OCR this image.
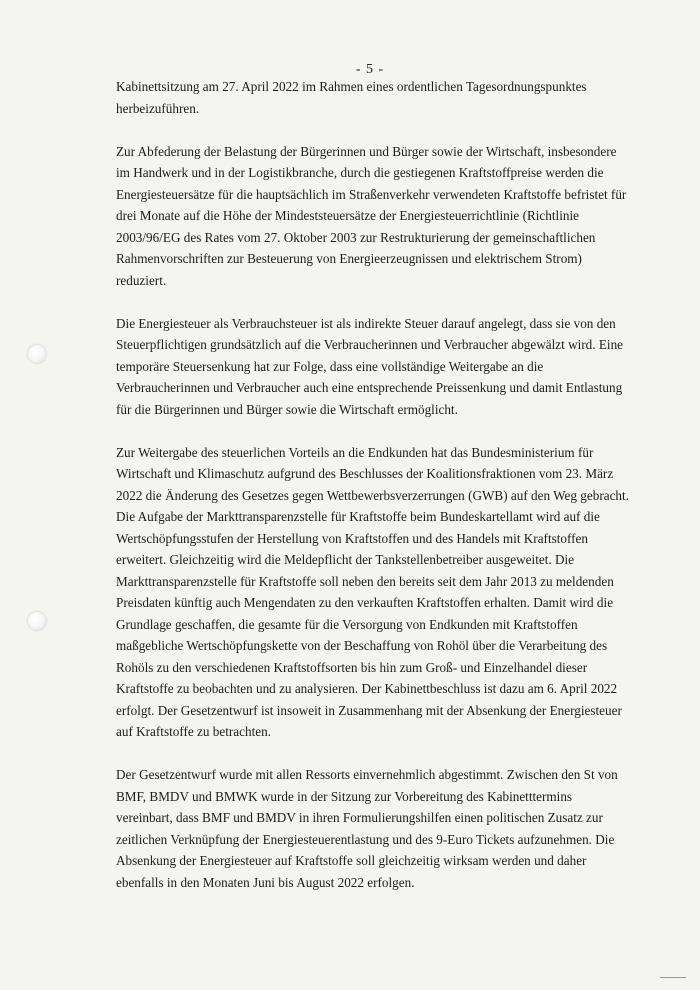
- 5 -

Kabinettsitzung am 27. April 2022 im Rahmen eines ordentlichen Tagesordnungspunktes herbeizuführen.

Zur Abfederung der Belastung der Bürgerinnen und Bürger sowie der Wirtschaft, insbesondere im Handwerk und in der Logistikbranche, durch die gestiegenen Kraftstoffpreise werden die Energiesteuersätze für die hauptsächlich im Straßenverkehr verwendeten Kraftstoffe befristet für drei Monate auf die Höhe der Mindeststeuersätze der Energiesteuerrichtlinie (Richtlinie 2003/96/EG des Rates vom 27. Oktober 2003 zur Restrukturierung der gemeinschaftlichen Rahmenvorschriften zur Besteuerung von Energieerzeugnissen und elektrischem Strom) reduziert.

Die Energiesteuer als Verbrauchsteuer ist als indirekte Steuer darauf angelegt, dass sie von den Steuerpflichtigen grundsätzlich auf die Verbraucherinnen und Verbraucher abgewälzt wird. Eine temporäre Steuersenkung hat zur Folge, dass eine vollständige Weitergabe an die Verbraucherinnen und Verbraucher auch eine entsprechende Preissenkung und damit Entlastung für die Bürgerinnen und Bürger sowie die Wirtschaft ermöglicht.

Zur Weitergabe des steuerlichen Vorteils an die Endkunden hat das Bundesministerium für Wirtschaft und Klimaschutz aufgrund des Beschlusses der Koalitionsfraktionen vom 23. März 2022 die Änderung des Gesetzes gegen Wettbewerbsverzerrungen (GWB) auf den Weg gebracht. Die Aufgabe der Markttransparenzstelle für Kraftstoffe beim Bundeskartellamt wird auf die Wertschöpfungsstufen der Herstellung von Kraftstoffen und des Handels mit Kraftstoffen erweitert. Gleichzeitig wird die Meldepflicht der Tankstellenbetreiber ausgeweitet. Die Markttransparenzstelle für Kraftstoffe soll neben den bereits seit dem Jahr 2013 zu meldenden Preisdaten künftig auch Mengendaten zu den verkauften Kraftstoffen erhalten. Damit wird die Grundlage geschaffen, die gesamte für die Versorgung von Endkunden mit Kraftstoffen maßgebliche Wertschöpfungskette von der Beschaffung von Rohöl über die Verarbeitung des Rohöls zu den verschiedenen Kraftstoffsorten bis hin zum Groß- und Einzelhandel dieser Kraftstoffe zu beobachten und zu analysieren. Der Kabinettbeschluss ist dazu am 6. April 2022 erfolgt. Der Gesetzentwurf ist insoweit in Zusammenhang mit der Absenkung der Energiesteuer auf Kraftstoffe zu betrachten.

Der Gesetzentwurf wurde mit allen Ressorts einvernehmlich abgestimmt. Zwischen den St von BMF, BMDV und BMWK wurde in der Sitzung zur Vorbereitung des Kabinetttermins vereinbart, dass BMF und BMDV in ihren Formulierungshilfen einen politischen Zusatz zur zeitlichen Verknüpfung der Energiesteuerentlastung und des 9-Euro Tickets aufzunehmen. Die Absenkung der Energiesteuer auf Kraftstoffe soll gleichzeitig wirksam werden und daher ebenfalls in den Monaten Juni bis August 2022 erfolgen.
